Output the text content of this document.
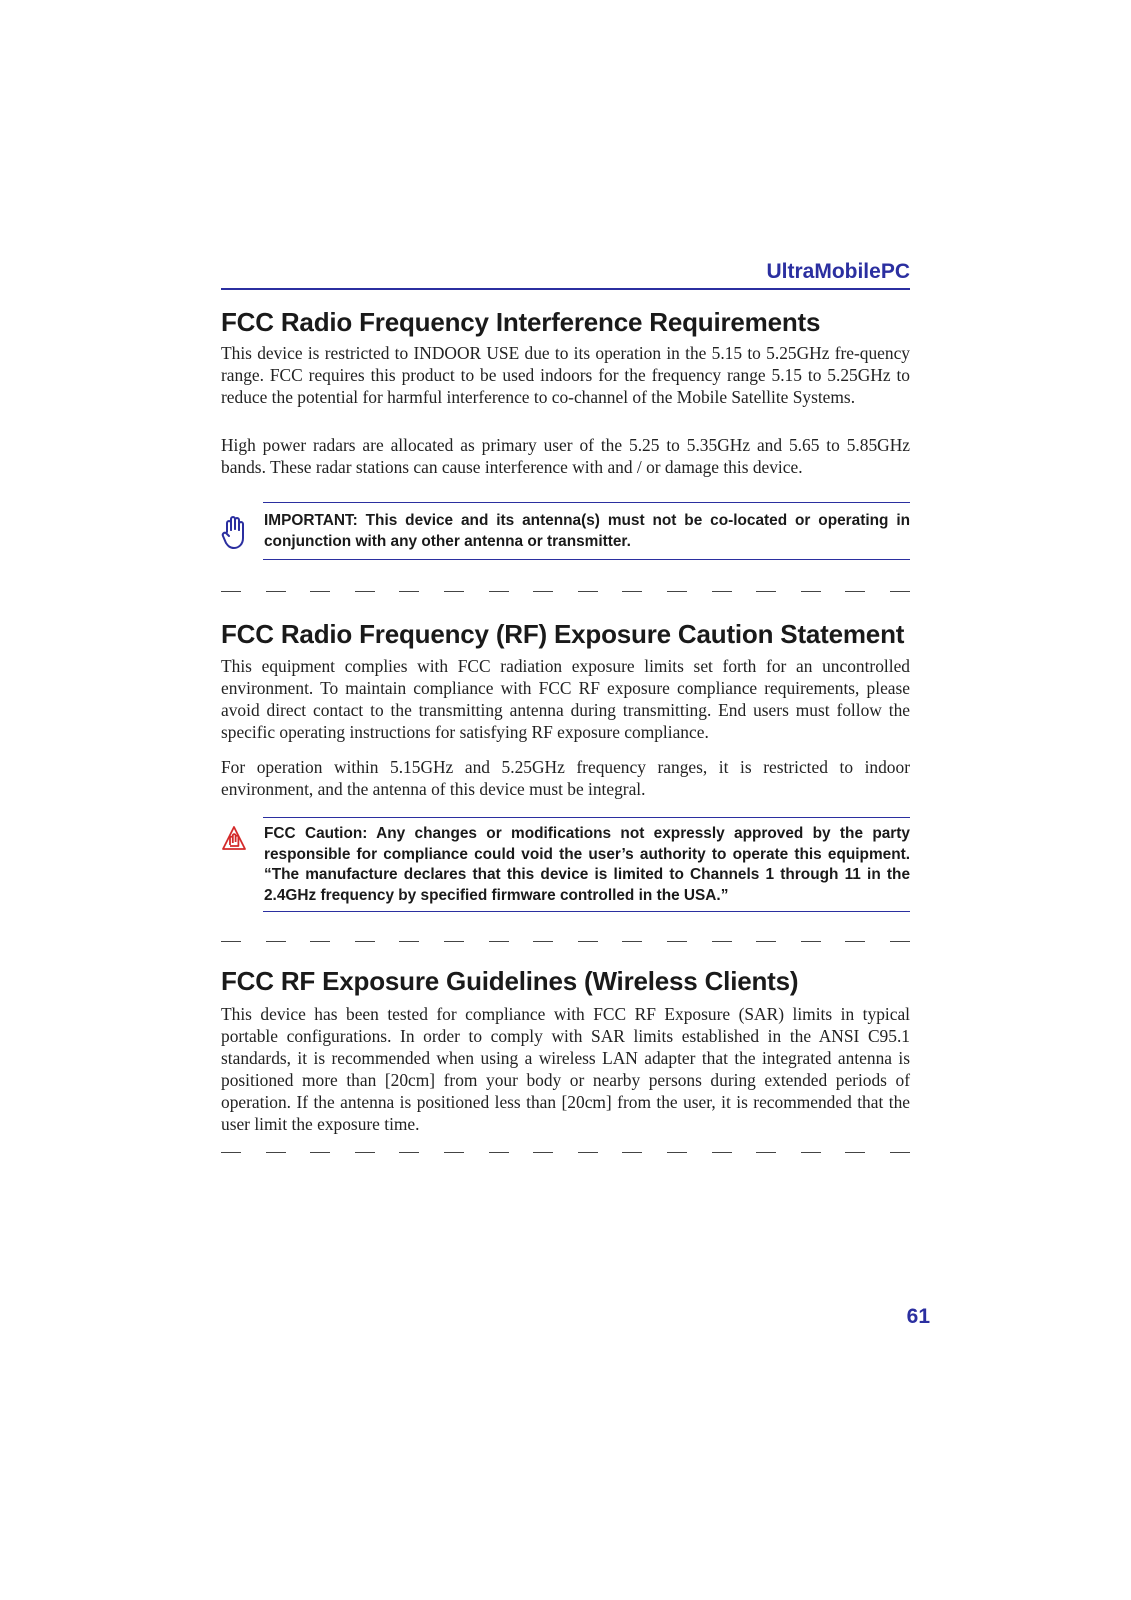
UltraMobilePC
FCC Radio Frequency Interference Requirements

This device is restricted to INDOOR USE due to its operation in the 5.15 to 5.25GHz fre-quency range. FCC requires this product to be used indoors for the frequency range 5.15 to 5.25GHz to reduce the potential for harmful interference to co-channel of the Mobile Satellite Systems.

High power radars are allocated as primary user of the 5.25 to 5.35GHz and 5.65 to 5.85GHz bands. These radar stations can cause interference with and / or damage this device.

IMPORTANT: This device and its antenna(s) must not be co-located or operating in conjunction with any other antenna or transmitter.

FCC Radio Frequency (RF) Exposure Caution Statement

This equipment complies with FCC radiation exposure limits set forth for an uncontrolled environment. To maintain compliance with FCC RF exposure compliance requirements, please avoid direct contact to the transmitting antenna during transmitting. End users must follow the specific operating instructions for satisfying RF exposure compliance.

For operation within 5.15GHz and 5.25GHz frequency ranges, it is restricted to indoor environment, and the antenna of this device must be integral.

FCC Caution: Any changes or modifications not expressly approved by the party responsible for compliance could void the user’s authority to operate this equipment. “The manufacture declares that this device is limited to Channels 1 through 11 in the 2.4GHz frequency by specified firmware controlled in the USA.”

FCC RF Exposure Guidelines (Wireless Clients)

This device has been tested for compliance with FCC RF Exposure (SAR) limits in typical portable configurations. In order to comply with SAR limits established in the ANSI C95.1 standards, it is recommended when using a wireless LAN adapter that the integrated antenna is positioned more than [20cm] from your body or nearby persons during extended periods of operation. If the antenna is positioned less than [20cm] from the user, it is recommended that the user limit the exposure time.

61
